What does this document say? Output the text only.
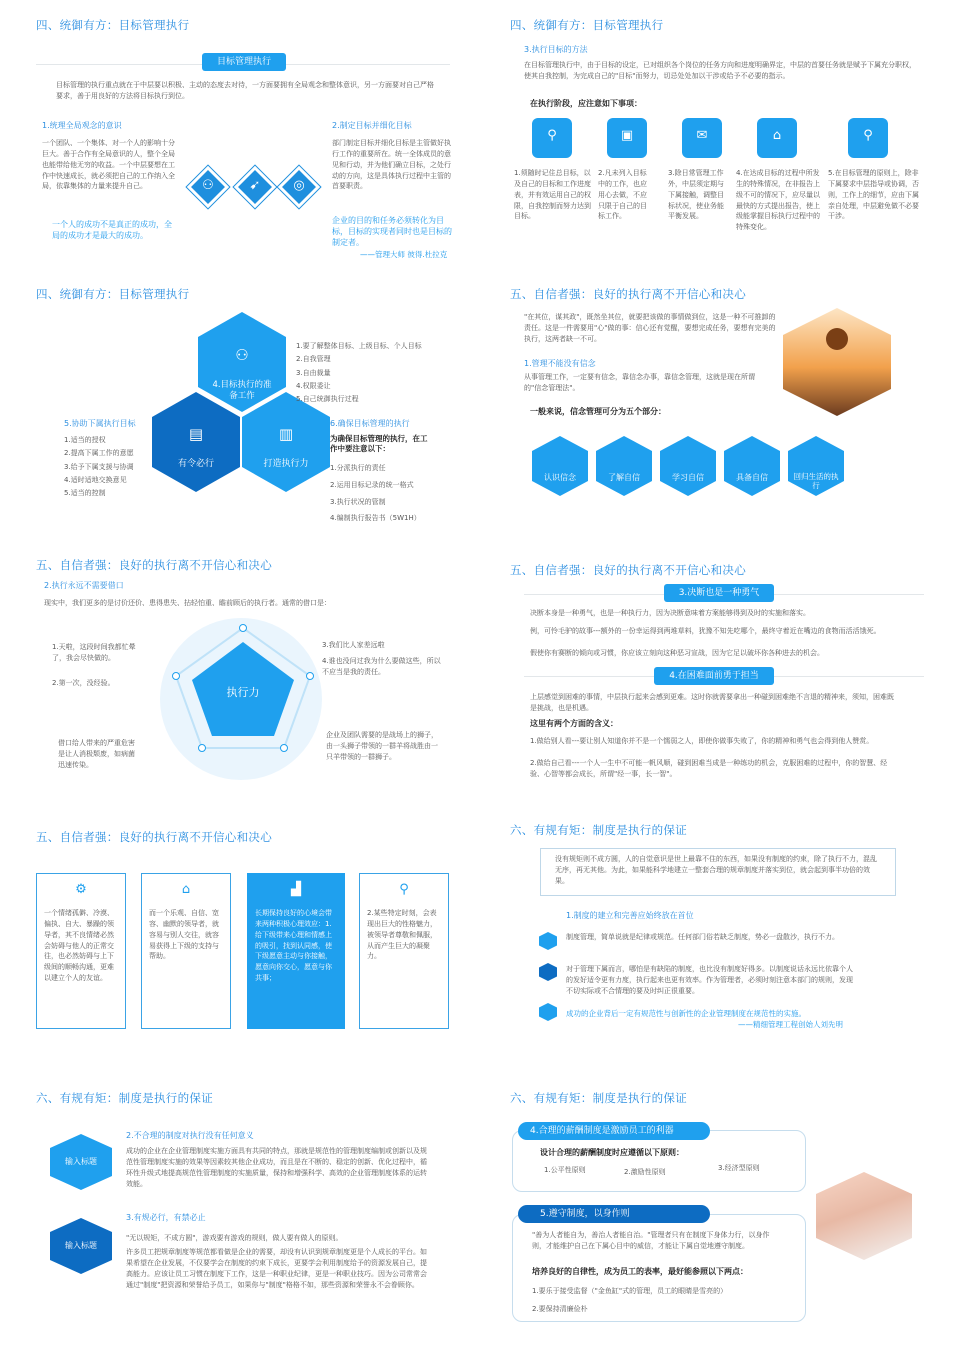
四、统御有方：目标管理执行
目标管理执行
目标管理的执行重点就在于中层要以积极、主动的态度去对待，一方面要拥有全局观念和整体意识，另一方面要对自己严格要求，善于用良好的方法将目标执行到位。
1.统理全局观念的意识
一个团队、一个集体、对一个人的影响十分巨大。善于合作有全局意识的人，整个全局也能带给他无穷的收益。一个中层要想在工作中快速成长，就必须把自己的工作纳入全局，依靠集体的力量来提升自己。
一个人的成功不是真正的成功，全局的成功才是最大的成功。
⚇	➹	◎
2.制定目标并细化目标
部门制定目标并细化目标是主管做好执行工作的重要所在。统一全体成员的意见和行动，并为他们确立目标，之处行动的方向，这是具体执行过程中主管的首要职责。
企业的目的和任务必须转化为目标，目标的实现者同时也是目标的制定者。
——管理大师 彼得.杜拉克
四、统御有方：目标管理执行
3.执行目标的方法
在目标管理执行中，由于目标的设定，已对组织各个岗位的任务方向和进度明确界定，中层的首要任务就是赋予下属充分职权，使其自我控制，为完成自己的"目标"而努力，切忌处处加以干涉或给予不必要的指示。
在执行阶段，应注意如下事项：
⚲	▣	✉	⌂	⚲
1.须随时记住总目标，以及自己的目标和工作进度表，并有效运用自己的权限，自我控制而努力达到目标。
2.凡未列入目标中的工作，也应用心去做，不应只限于自己的目标工作。
3.除日常管理工作外，中层须定期与下属接触，调整目标状况，使业务能平衡发展。
4.在达成目标的过程中所发生的特殊情况，在非报告上级不可的情况下，应尽量以最快的方式提出报告，使上级能掌握目标执行过程中的特殊变化。
5.在目标管理的原则上，除非下属要求中层指导或协调，否则，工作上的细节，应由下属亲自处理，中层避免做不必要干涉。
四、统御有方：目标管理执行
⚇
4.目标执行的准备工作
▤
有令必行
▥
打造执行力
1.要了解整体目标、上级目标、个人目标
2.自我管理
3.自由裁量
4.权限委让
5.自己统御执行过程
5.协助下属执行目标
1.适当的授权
2.提高下属工作的意愿
3.给予下属支援与协调
4.适时适地交换意见
5.适当的控制
6.确保目标管理的执行
为确保目标管理的执行，在工作中要注意以下：
1.分派执行的责任
2.运用目标记录的统一格式
3.执行状况的管制
4.编制执行报告书（5W1H）
五、自信者强：良好的执行离不开信心和决心
"在其位，谋其政"，既然坐其位，就要把该做的事情做到位，这是一种不可推卸的责任。这是一件需要用"心"做的事：信心还有觉醒，要想完成任务，要想有完美的执行，这两者缺一不可。
1.管理不能没有信念
从事管理工作，一定要有信念，靠信念办事，靠信念管理，这就是现在所谓的"信念管理法"。
一般来说，信念管理可分为五个部分：
认识信念	了解自信	学习自信	具备自信	回归生活的执行
五、自信者强：良好的执行离不开信心和决心
2.执行永远不需要借口
现实中，我们更多的是讨价还价、患得患失、拈轻怕重、瞻前顾后的执行者。通常的借口是：
执行力
1.天啦，这段时间我都忙晕了，我会尽快做的。
2.第一次，没经验。
3.我们比人家差远啦
4.谁也没问过我为什么要做这些，所以不应当是我的责任。
借口给人带来的严重危害是让人消极颓废，如病菌迅速传染。
企业及团队需要的是战场上的狮子，由一头狮子带领的一群羊将战胜由一只羊带领的一群狮子。
五、自信者强：良好的执行离不开信心和决心
3.决断也是一种勇气
决断本身是一种勇气，也是一种执行力，因为决断意味着方案能够得到及时的实施和落实。
例，可怜毛驴的故事---额外的一份幸运得到两堆草料，犹豫不知先吃哪个，最终守着近在嘴边的食物而活活饿死。
假使你有赛断的倾向或习惯，你应该立刻向这种恶习宣战，因为它足以破坏你各种进去的机会。
4.在困难面前勇于担当
上层感觉到困难的事情，中层执行起来会感到更难。这时你就需要拿出一种碰到困难绝不言退的精神来，须知，困难既是挑战，也是机遇。
这里有两个方面的含义：
1.做给别人看---要让别人知道你并不是一个懦弱之人，即使你做事失败了，你的精神和勇气也会得到他人赞赏。
2.做给自己看---一个人一生中不可能一帆风顺，碰到困难当成是一种练功的机会，克服困难的过程中，你的智慧、经验、心智等都会成长，所谓"经一事，长一智"。
五、自信者强：良好的执行离不开信心和决心
⚙
一个情绪孤僻、冷漠、偏执、自大、暴躁的领导者，其不良情绪必然会妨碍与他人的正常交往，也必然妨碍与上下级间的顺畅沟通，更难以建立个人的友谊。
⌂
而一个乐观、自信、宽容、幽默的领导者，就容易与别人交往，就容易获得上下级的支持与帮助。
▟
长期保持良好的心境会带来两种积极心理效应：1.给下级带来心理和情感上的吸引，找到认同感，使下级愿意主动与你接触，愿意向你交心，愿意与你共事；
⚲
2.某些特定时刻，会表现出巨大的性格魅力，被领导者尊敬和佩服，从而产生巨大的凝聚力。
六、有规有矩：制度是执行的保证
没有规矩则不成方圆，人的自觉意识是世上最靠不住的东西，如果没有制度的约束，除了执行不力，混乱无序，再无其他。为此，如果能科学地建立一整套合理的规章制度并落实到位，就会起到事半功倍的效果。
1.制度的建立和完善应始终放在首位
制度管理，简单说就是纪律或规范。任何部门俗若缺乏制度，势必一盘散沙，执行不力。
对于管理下属而言，哪怕是有缺陷的制度，也比没有制度好得多。以制度说话永远比依靠个人的发好适令更有力度，执行起来也更有效率。作为管理者，必须时刻注意本部门的规则，发现不切实际或不合情理的要及时纠正很重要。
成功的企业背后一定有规范性与创新性的企业管理制度在规范性的实施。
——精细管理工程创始人刘先明
六、有规有矩：制度是执行的保证
输入标题
输入标题
2.不合理的制度对执行没有任何意义
成功的企业在企业管理制度实施方面具有共同的特点，那就是规范性的管理制度编制或创新以及规范性管理制度实施的效果等因素较其他企业成功，而且是在不断的、稳定的创新、优化过程中，循环性升级式地提高规范性管理制度的实施质量，保持和增强科学、高效的企业管理制度体系的运转效能。
3.有规必行，有禁必止
"无以规矩，不成方圆"，游戏要有游戏的规则，做人要有做人的原则。
许多员工把规章制度等规范都看做是企业的需要，却没有认识到规章制度更是个人成长的平台。如果希望在企业发展，不仅要学会在制度的约束下成长，更要学会利用制度给予的资源发展自己，提高能力。应该让员工习惯在制度下工作，这是一种职业纪律，更是一种职业技巧。因为公司常常会通过"制度"把资源和荣誉给予员工，如果你与"制度"格格不如，那些资源和荣誉永不会眷顾你。
六、有规有矩：制度是执行的保证
4.合理的薪酬制度是激励员工的利器
设计合理的薪酬制度时应遵循以下原则：
1.公平性原则	2.激励性原则	3.经济型原则
5.遵守制度，以身作则
"善为人者能自为，善治人者能自治。"管理者只有在制度下身体力行，以身作则，才能维护自己在下属心目中的威信，才能让下属自觉地遵守制度。
培养良好的自律性，成为员工的表率，最好能参照以下两点：
1.要乐于接受监督（"金鱼缸"式的管理，员工的眼睛是雪亮的）
2.要保持清廉俭朴
